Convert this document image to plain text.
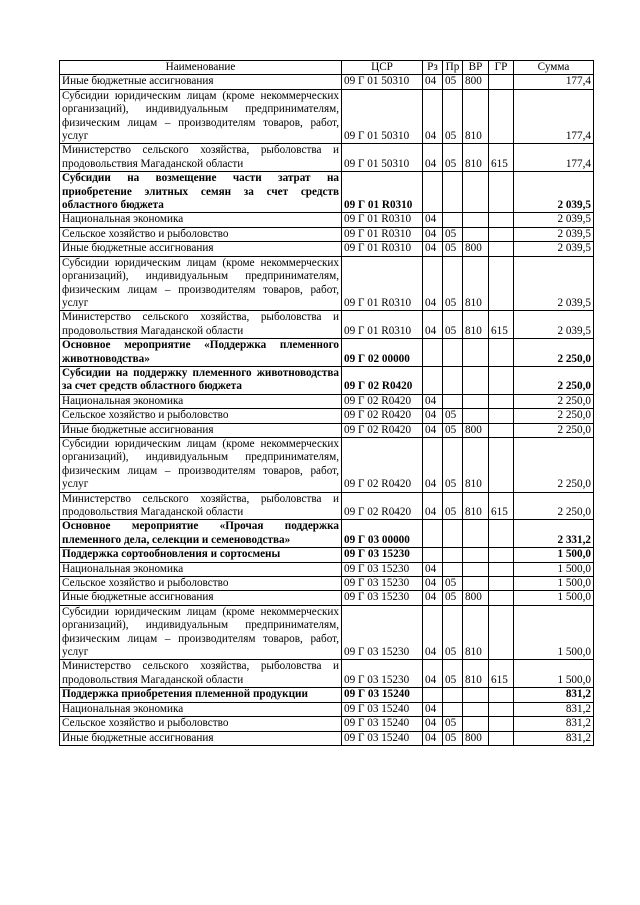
Наименование	ЦСР	Рз	Пр	ВР	ГР	Сумма
Иные бюджетные ассигнования	09 Г 01 50310	04	05	800		177,4
Субсидии юридическим лицам (кроме некоммерческих организаций), индивидуальным предпринимателям, физическим лицам – производителям товаров, работ, услуг	09 Г 01 50310	04	05	810		177,4
Министерство сельского хозяйства, рыболовства и продовольствия Магаданской области	09 Г 01 50310	04	05	810	615	177,4
Субсидии на возмещение части затрат на приобретение элитных семян за счет средств областного бюджета	09 Г 01 R0310					2 039,5
Национальная экономика	09 Г 01 R0310	04				2 039,5
Сельское хозяйство и рыболовство	09 Г 01 R0310	04	05			2 039,5
Иные бюджетные ассигнования	09 Г 01 R0310	04	05	800		2 039,5
Субсидии юридическим лицам (кроме некоммерческих организаций), индивидуальным предпринимателям, физическим лицам – производителям товаров, работ, услуг	09 Г 01 R0310	04	05	810		2 039,5
Министерство сельского хозяйства, рыболовства и продовольствия Магаданской области	09 Г 01 R0310	04	05	810	615	2 039,5
Основное мероприятие «Поддержка племенного животноводства»	09 Г 02 00000					2 250,0
Субсидии на поддержку племенного животноводства за счет средств областного бюджета	09 Г 02 R0420					2 250,0
Национальная экономика	09 Г 02 R0420	04				2 250,0
Сельское хозяйство и рыболовство	09 Г 02 R0420	04	05			2 250,0
Иные бюджетные ассигнования	09 Г 02 R0420	04	05	800		2 250,0
Субсидии юридическим лицам (кроме некоммерческих организаций), индивидуальным предпринимателям, физическим лицам – производителям товаров, работ, услуг	09 Г 02 R0420	04	05	810		2 250,0
Министерство сельского хозяйства, рыболовства и продовольствия Магаданской области	09 Г 02 R0420	04	05	810	615	2 250,0
Основное мероприятие «Прочая поддержка племенного дела, селекции и семеноводства»	09 Г 03 00000					2 331,2
Поддержка сортообновления и сортосмены	09 Г 03 15230					1 500,0
Национальная экономика	09 Г 03 15230	04				1 500,0
Сельское хозяйство и рыболовство	09 Г 03 15230	04	05			1 500,0
Иные бюджетные ассигнования	09 Г 03 15230	04	05	800		1 500,0
Субсидии юридическим лицам (кроме некоммерческих организаций), индивидуальным предпринимателям, физическим лицам – производителям товаров, работ, услуг	09 Г 03 15230	04	05	810		1 500,0
Министерство сельского хозяйства, рыболовства и продовольствия Магаданской области	09 Г 03 15230	04	05	810	615	1 500,0
Поддержка приобретения племенной продукции	09 Г 03 15240					831,2
Национальная экономика	09 Г 03 15240	04				831,2
Сельское хозяйство и рыболовство	09 Г 03 15240	04	05			831,2
Иные бюджетные ассигнования	09 Г 03 15240	04	05	800		831,2
